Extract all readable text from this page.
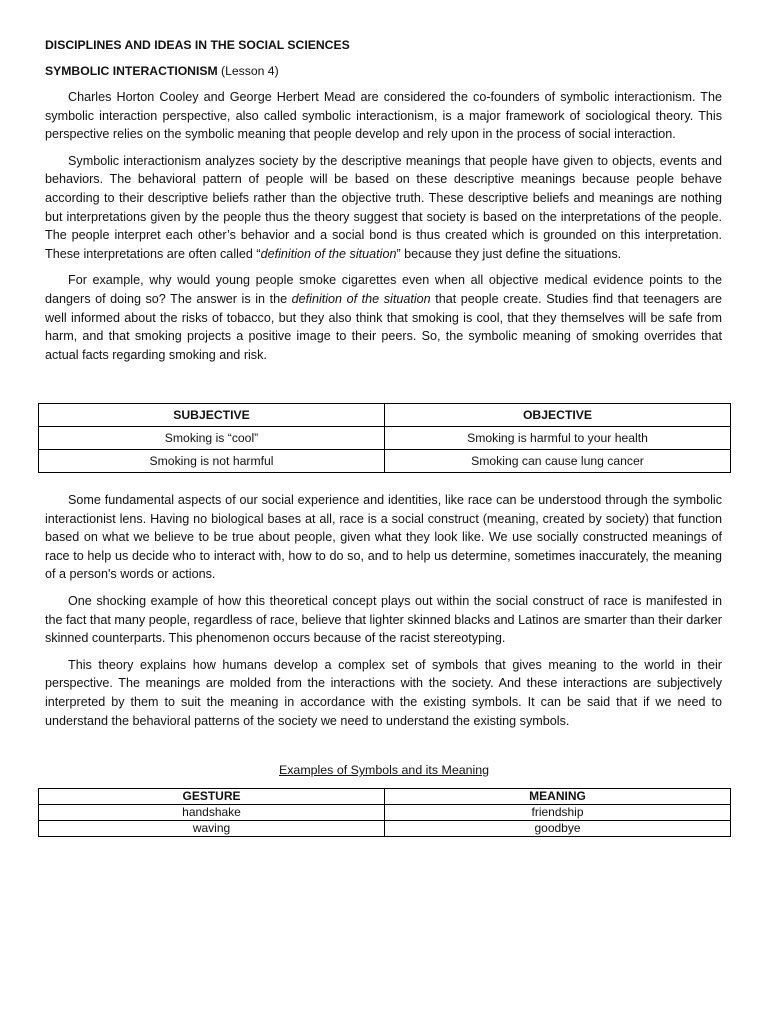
DISCIPLINES AND IDEAS IN THE SOCIAL SCIENCES
SYMBOLIC INTERACTIONISM (Lesson 4)

Charles Horton Cooley and George Herbert Mead are considered the co-founders of symbolic interactionism. The symbolic interaction perspective, also called symbolic interactionism, is a major framework of sociological theory. This perspective relies on the symbolic meaning that people develop and rely upon in the process of social interaction.

Symbolic interactionism analyzes society by the descriptive meanings that people have given to objects, events and behaviors. The behavioral pattern of people will be based on these descriptive meanings because people behave according to their descriptive beliefs rather than the objective truth. These descriptive beliefs and meanings are nothing but interpretations given by the people thus the theory suggest that society is based on the interpretations of the people. The people interpret each other’s behavior and a social bond is thus created which is grounded on this interpretation. These interpretations are often called “definition of the situation” because they just define the situations.

For example, why would young people smoke cigarettes even when all objective medical evidence points to the dangers of doing so? The answer is in the definition of the situation that people create. Studies find that teenagers are well informed about the risks of tobacco, but they also think that smoking is cool, that they themselves will be safe from harm, and that smoking projects a positive image to their peers. So, the symbolic meaning of smoking overrides that actual facts regarding smoking and risk.

SUBJECTIVE	OBJECTIVE
Smoking is “cool”	Smoking is harmful to your health
Smoking is not harmful	Smoking can cause lung cancer

Some fundamental aspects of our social experience and identities, like race can be understood through the symbolic interactionist lens. Having no biological bases at all, race is a social construct (meaning, created by society) that function based on what we believe to be true about people, given what they look like. We use socially constructed meanings of race to help us decide who to interact with, how to do so, and to help us determine, sometimes inaccurately, the meaning of a person's words or actions.

One shocking example of how this theoretical concept plays out within the social construct of race is manifested in the fact that many people, regardless of race, believe that lighter skinned blacks and Latinos are smarter than their darker skinned counterparts. This phenomenon occurs because of the racist stereotyping.

This theory explains how humans develop a complex set of symbols that gives meaning to the world in their perspective. The meanings are molded from the interactions with the society. And these interactions are subjectively interpreted by them to suit the meaning in accordance with the existing symbols. It can be said that if we need to understand the behavioral patterns of the society we need to understand the existing symbols.

Examples of Symbols and its Meaning
GESTURE	MEANING
handshake	friendship
waving	goodbye
